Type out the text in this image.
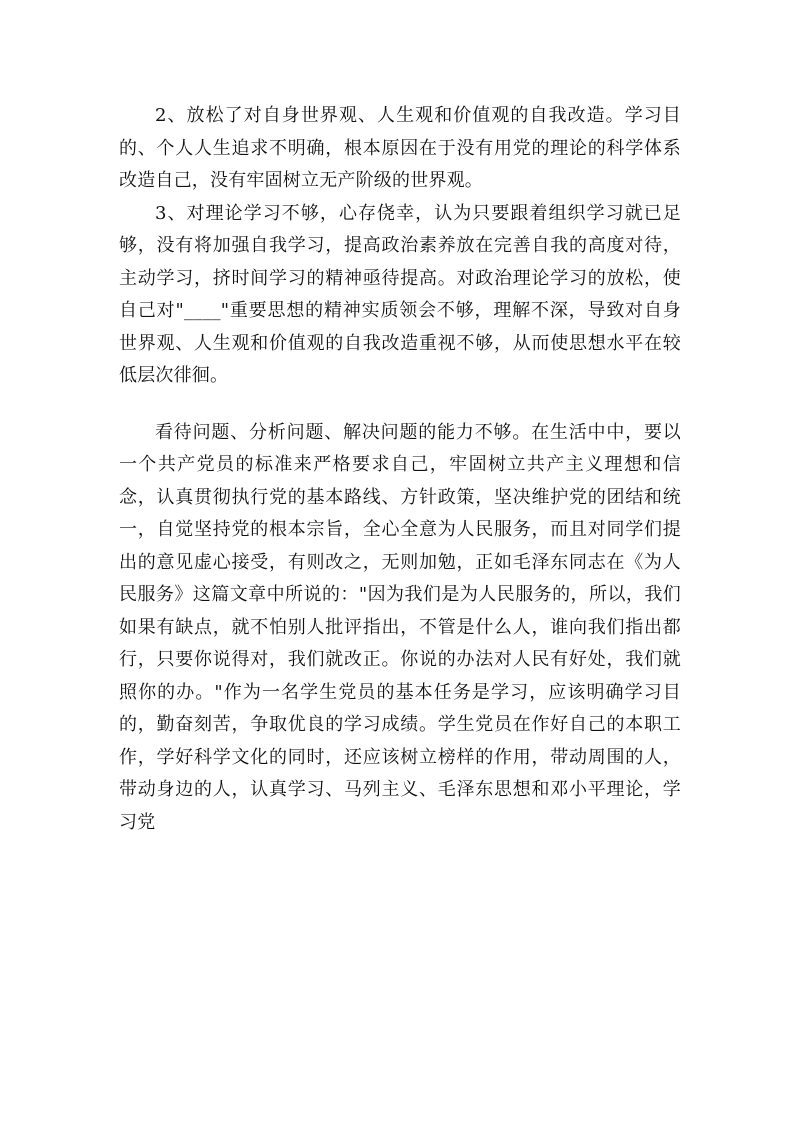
2、放松了对自身世界观、人生观和价值观的自我改造。学习目的、个人人生追求不明确，根本原因在于没有用党的理论的科学体系改造自己，没有牢固树立无产阶级的世界观。

3、对理论学习不够，心存侥幸，认为只要跟着组织学习就已足够，没有将加强自我学习，提高政治素养放在完善自我的高度对待，主动学习，挤时间学习的精神亟待提高。对政治理论学习的放松，使自己对"____"重要思想的精神实质领会不够，理解不深，导致对自身世界观、人生观和价值观的自我改造重视不够，从而使思想水平在较低层次徘徊。

看待问题、分析问题、解决问题的能力不够。在生活中中，要以一个共产党员的标准来严格要求自己，牢固树立共产主义理想和信念，认真贯彻执行党的基本路线、方针政策，坚决维护党的团结和统一，自觉坚持党的根本宗旨，全心全意为人民服务，而且对同学们提出的意见虚心接受，有则改之，无则加勉，正如毛泽东同志在《为人民服务》这篇文章中所说的："因为我们是为人民服务的，所以，我们如果有缺点，就不怕别人批评指出，不管是什么人，谁向我们指出都行，只要你说得对，我们就改正。你说的办法对人民有好处，我们就照你的办。"作为一名学生党员的基本任务是学习，应该明确学习目的，勤奋刻苦，争取优良的学习成绩。学生党员在作好自己的本职工作，学好科学文化的同时，还应该树立榜样的作用，带动周围的人，带动身边的人，认真学习、马列主义、毛泽东思想和邓小平理论，学习党
